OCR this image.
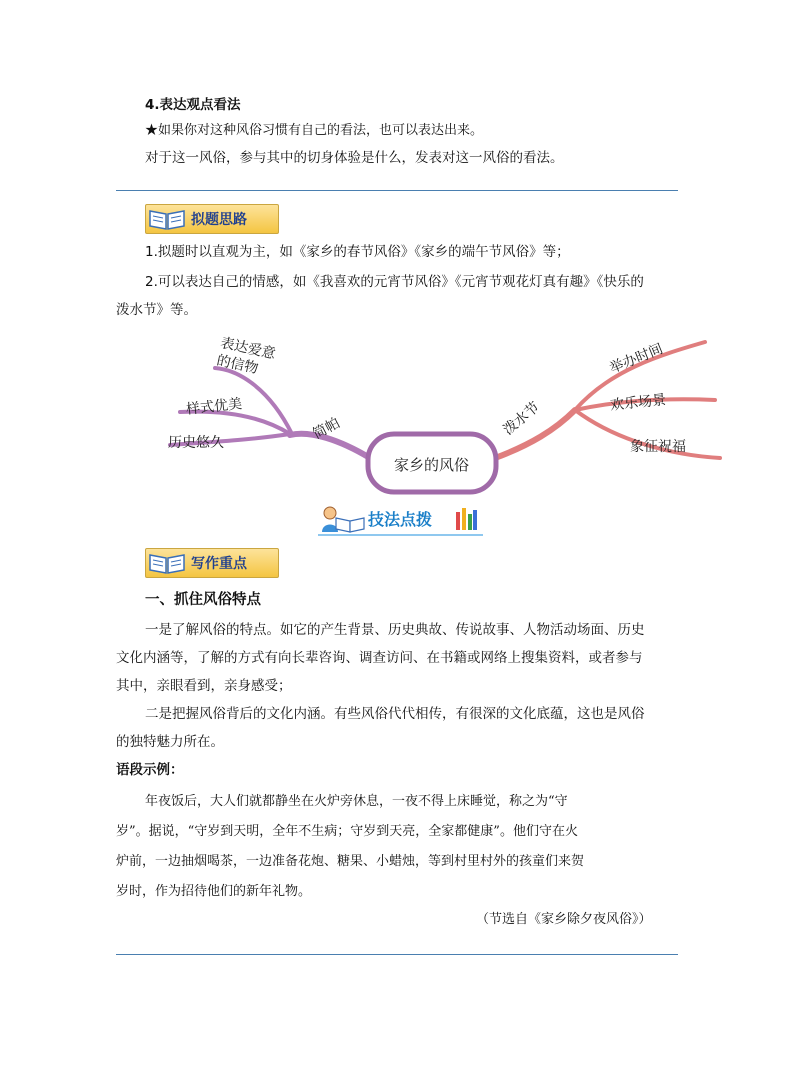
4.表达观点看法
★如果你对这种风俗习惯有自己的看法，也可以表达出来。
对于这一风俗，参与其中的切身体验是什么，发表对这一风俗的看法。
拟题思路
1.拟题时以直观为主，如《家乡的春节风俗》《家乡的端午节风俗》等；
2.可以表达自己的情感，如《我喜欢的元宵节风俗》《元宵节观花灯真有趣》《快乐的
泼水节》等。
家乡的风俗
简帕
表达爱意的信物
样式优美
历史悠久
泼水节
举办时间
欢乐场景
象征祝福
技法点拨
写作重点
一、抓住风俗特点
一是了解风俗的特点。如它的产生背景、历史典故、传说故事、人物活动场面、历史
文化内涵等，了解的方式有向长辈咨询、调查访问、在书籍或网络上搜集资料，或者参与
其中，亲眼看到，亲身感受；
二是把握风俗背后的文化内涵。有些风俗代代相传，有很深的文化底蕴，这也是风俗
的独特魅力所在。
语段示例：
年夜饭后，大人们就都静坐在火炉旁休息，一夜不得上床睡觉，称之为“守
岁”。据说，“守岁到天明，全年不生病；守岁到天亮，全家都健康”。他们守在火
炉前，一边抽烟喝茶，一边准备花炮、糖果、小蜡烛，等到村里村外的孩童们来贺
岁时，作为招待他们的新年礼物。
（节选自《家乡除夕夜风俗》）
